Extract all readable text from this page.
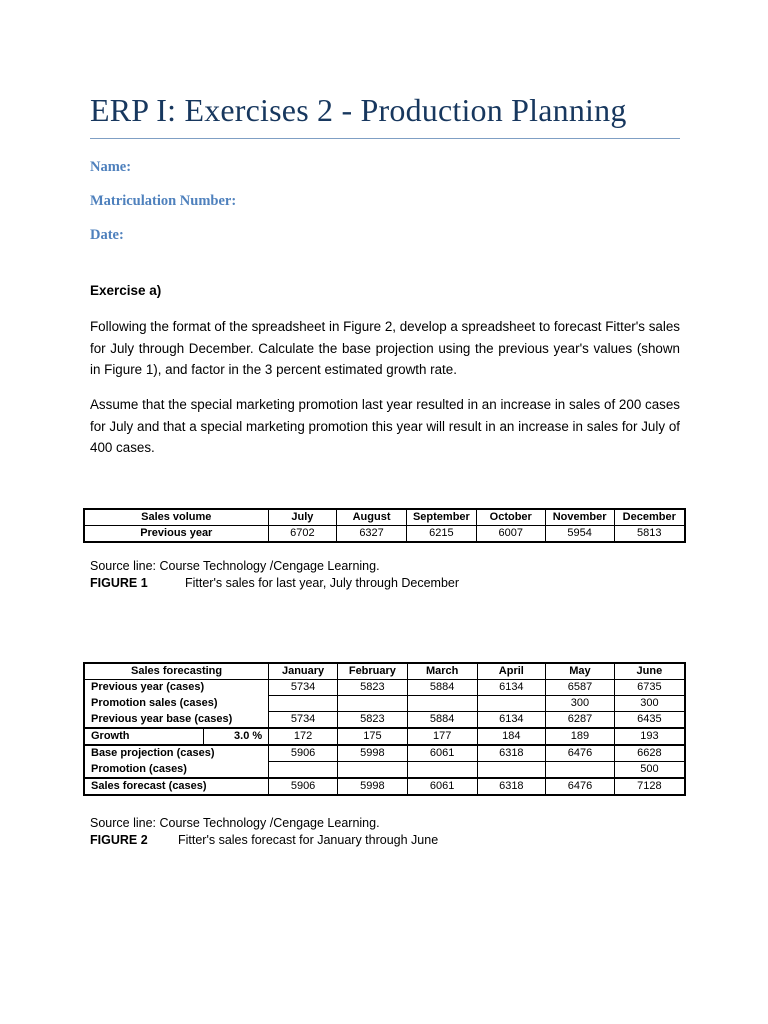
ERP I: Exercises 2 - Production Planning
Name:
Matriculation Number:
Date:
Exercise a)

Following the format of the spreadsheet in Figure 2, develop a spreadsheet to forecast Fitter's sales for July through December. Calculate the base projection using the previous year's values (shown in Figure 1), and factor in the 3 percent estimated growth rate.

Assume that the special marketing promotion last year resulted in an increase in sales of 200 cases for July and that a special marketing promotion this year will result in an increase in sales for July of 400 cases.

Sales volume	July	August	September	October	November	December
Previous year	6702	6327	6215	6007	5954	5813
Source line: Course Technology /Cengage Learning.
FIGURE 1	Fitter's sales for last year, July through December
Sales forecasting		January	February	March	April	May	June
Previous year (cases)		5734	5823	5884	6134	6587	6735
Promotion sales (cases)						300	300
Previous year base (cases)		5734	5823	5884	6134	6287	6435
Growth	3.0 %	172	175	177	184	189	193
Base projection (cases)		5906	5998	6061	6318	6476	6628
Promotion (cases)							500
Sales forecast (cases)		5906	5998	6061	6318	6476	7128
Source line: Course Technology /Cengage Learning.
FIGURE 2 Fitter's sales forecast for January through June
